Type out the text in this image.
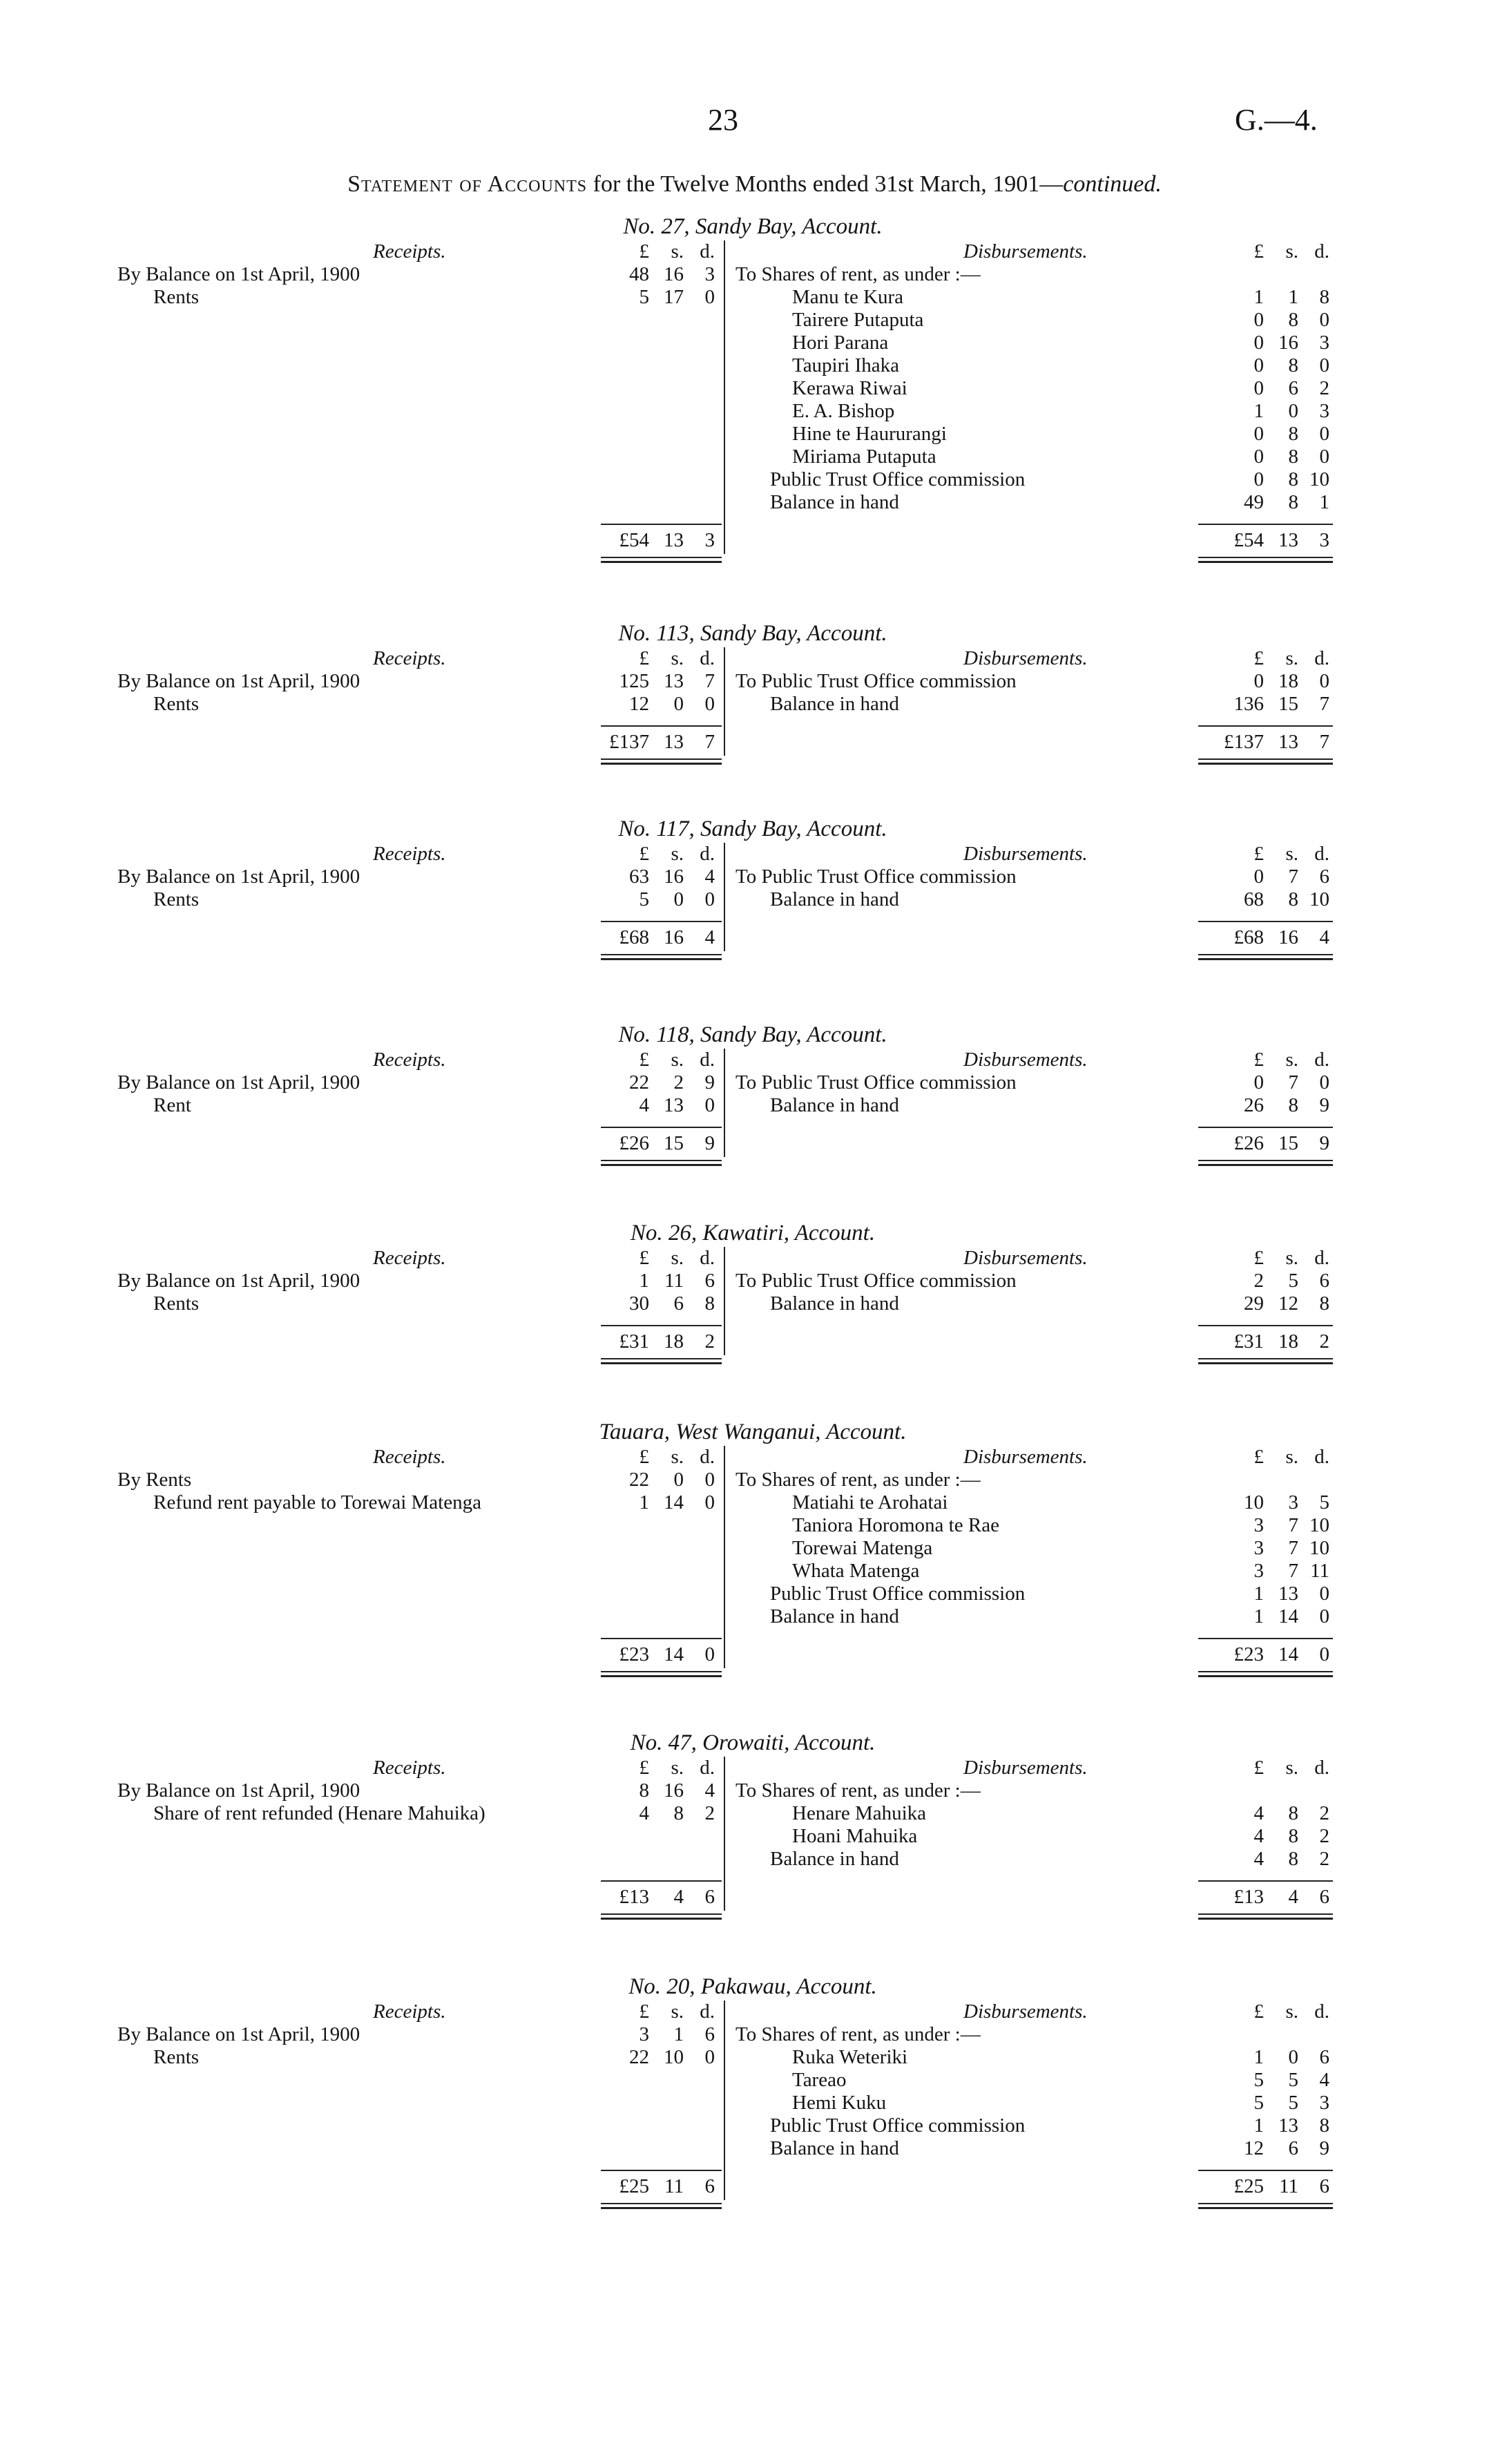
23	G.—4.
Statement of Accounts for the Twelve Months ended 31st March, 1901—continued.
No. 27, Sandy Bay, Account.
Receipts.	£	s. d.
By Balance on 1st April, 1900	48 16	3
Rents	5 17	0
Disbursements.	£	s. d.
To Shares of rent, as under :—
Manu te Kura	1	1	8
Tairere Putaputa	0	8	0
Hori Parana	0 16	3
Taupiri Ihaka	0	8	0
Kerawa Riwai	0	6	2
E. A. Bishop	1	0	3
Hine te Haururangi	0	8	0
Miriama Putaputa	0	8	0
Public Trust Office commission	0	8 10
Balance in hand	49	8	1
£54 13	3	£54 13	3
No. 113, Sandy Bay, Account.
Receipts.	£	s. d.
By Balance on 1st April, 1900	125 13	7
Rents	12	0	0
Disbursements.	£	s. d.
To Public Trust Office commission	0 18	0
Balance in hand	136 15	7
£137 13	7	£137 13	7
No. 117, Sandy Bay, Account.
Receipts.	£	s. d.
By Balance on 1st April, 1900	63 16	4
Rents	5	0	0
Disbursements.	£	s. d.
To Public Trust Office commission	0	7	6
Balance in hand	68	8 10
£68 16	4	£68 16	4
No. 118, Sandy Bay, Account.
Receipts.	£	s. d.
By Balance on 1st April, 1900	22	2	9
Rent	4 13	0
Disbursements.	£	s. d.
To Public Trust Office commission	0	7	0
Balance in hand	26	8	9
£26 15	9	£26 15	9
No. 26, Kawatiri, Account.
Receipts.	£	s. d.
By Balance on 1st April, 1900	1 11	6
Rents	30	6	8
Disbursements.	£	s. d.
To Public Trust Office commission	2	5	6
Balance in hand	29 12	8
£31 18	2	£31 18	2
Tauara, West Wanganui, Account.
Receipts.	£	s. d.
By Rents	22	0	0
Refund rent payable to Torewai Matenga	1 14	0
Disbursements.	£	s. d.
To Shares of rent, as under :—
Matiahi te Arohatai	10	3	5
Taniora Horomona te Rae	3	7 10
Torewai Matenga	3	7 10
Whata Matenga	3	7 11
Public Trust Office commission	1 13	0
Balance in hand	1 14	0
£23 14	0	£23 14	0
No. 47, Orowaiti, Account.
Receipts.	£	s. d.
By Balance on 1st April, 1900	8 16	4
Share of rent refunded (Henare Mahuika)	4	8	2
Disbursements.	£	s. d.
To Shares of rent, as under :—
Henare Mahuika	4	8	2
Hoani Mahuika	4	8	2
Balance in hand	4	8	2
£13	4	6	£13	4	6
No. 20, Pakawau, Account.
Receipts.	£	s. d.
By Balance on 1st April, 1900	3	1	6
Rents	22 10	0
Disbursements.	£	s. d.
To Shares of rent, as under :—
Ruka Weteriki	1	0	6
Tareao	5	5	4
Hemi Kuku	5	5	3
Public Trust Office commission	1 13	8
Balance in hand	12	6	9
£25 11	6	£25 11	6
